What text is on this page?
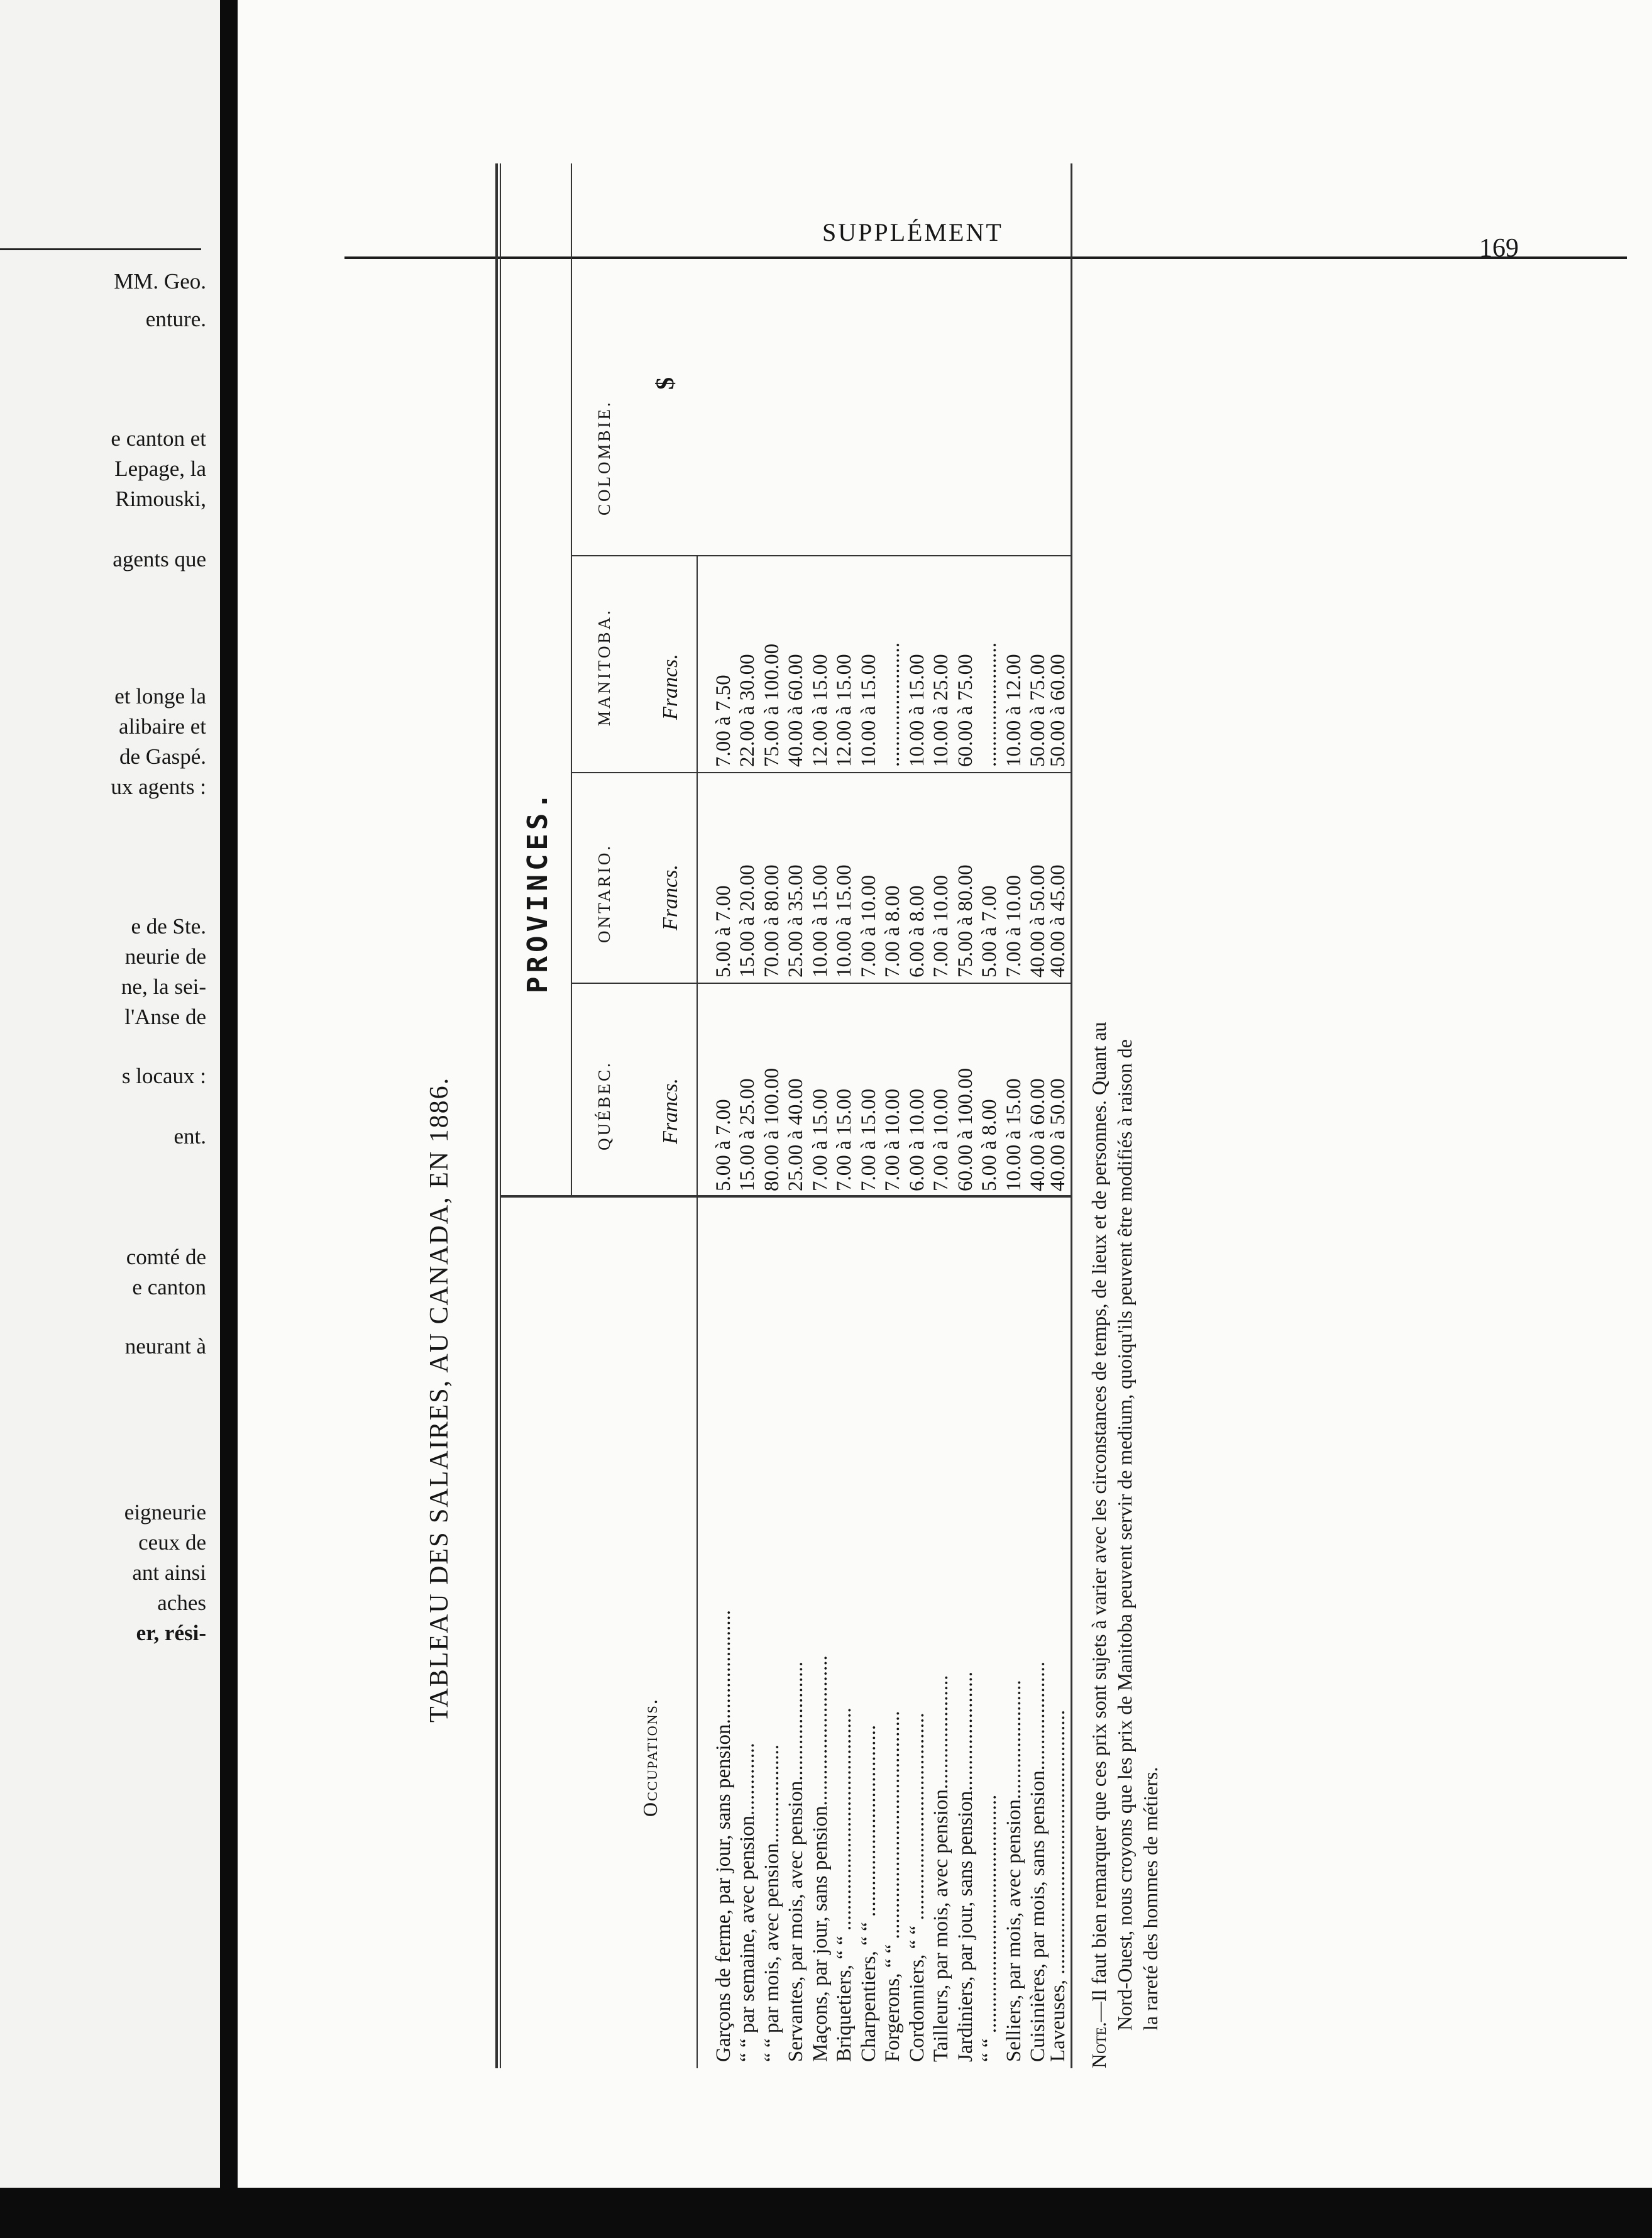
MM. Geo.
enture.
e canton et
Lepage, la
Rimouski,
agents que
et longe la
alibaire et
de Gaspé.
ux agents :
e de Ste.
neurie de
ne, la sei-
l'Anse de
s locaux :
ent.
comté de
e canton
neurant à
eigneurie
ceux de
ant ainsi
aches
er, rési-
SUPPLÉMENT
169
TABLEAU DES SALAIRES, AU CANADA, EN 1886.
PROVINCES.
Occupations.
QUÉBEC.
ONTARIO.
MANITOBA.
COLOMBIE.
Francs.
Francs.
Francs.
$
Garçons de ferme, par jour, sans pension......................
5.00 à 7.00
5.00 à 7.00
7.00 à 7.50
“ “ par semaine, avec pension..............
15.00 à 25.00
15.00 à 20.00
22.00 à 30.00
“ “ par mois, avec pension...................
80.00 à 100.00
70.00 à 80.00
75.00 à 100.00
Servantes, par mois, avec pension.......................
25.00 à 40.00
25.00 à 35.00
40.00 à 60.00
Maçons, par jour, sans pension.............................
7.00 à 15.00
10.00 à 15.00
12.00 à 15.00
Briquetiers, “ “ ...........................................
7.00 à 15.00
10.00 à 15.00
12.00 à 15.00
Charpentiers, “ “ .....................................
7.00 à 15.00
7.00 à 10.00
10.00 à 15.00
Forgerons, “ “ ............................................
7.00 à 10.00
7.00 à 8.00
........................
Cordonniers, “ “ ........................................
6.00 à 10.00
6.00 à 8.00
10.00 à 15.00
Tailleurs, par mois, avec pension......................
7.00 à 10.00
7.00 à 10.00
10.00 à 25.00
Jardiniers, par jour, sans pension.......................
60.00 à 100.00
75.00 à 80.00
60.00 à 75.00
“ “ ..............................................
5.00 à 8.00
5.00 à 7.00
........................
Selliers, par mois, avec pension.......................
10.00 à 15.00
7.00 à 10.00
10.00 à 12.00
Cuisinières, par mois, sans pension.....................
40.00 à 60.00
40.00 à 50.00
50.00 à 75.00
Laveuses, ...................................................
40.00 à 50.00
40.00 à 45.00
50.00 à 60.00

Note.—Il faut bien remarquer que ces prix sont sujets à varier avec les circonstances de temps, de lieux et de personnes. Quant au Nord-Ouest, nous croyons que les prix de Manitoba peuvent servir de medium, quoiqu'ils peuvent être modifiés à raison de la rareté des hommes de métiers.
